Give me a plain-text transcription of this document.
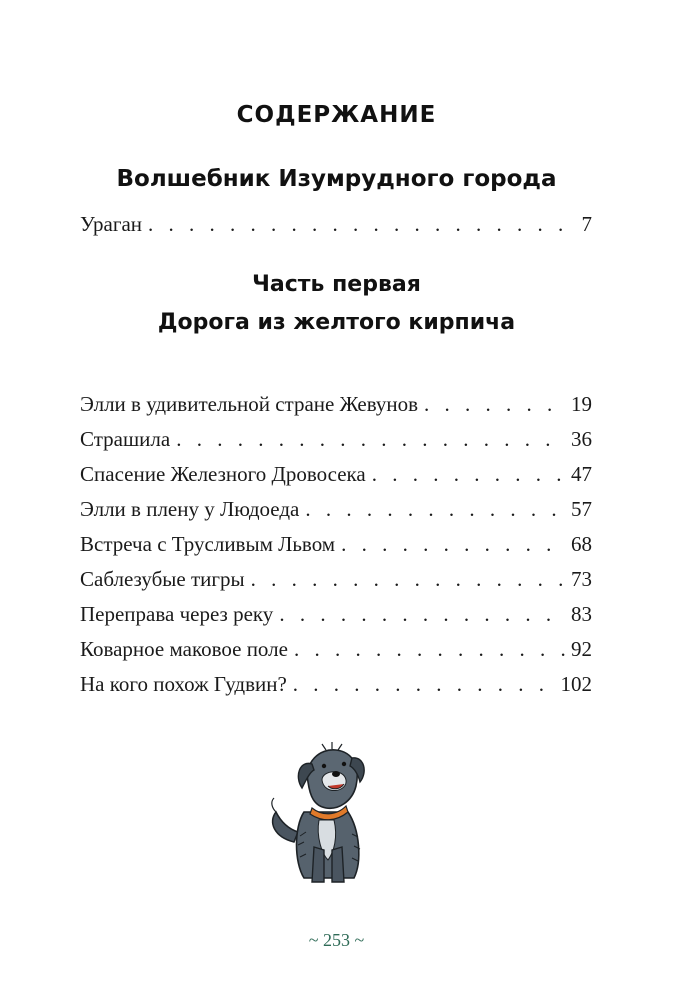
СОДЕРЖАНИЕ
Волшебник Изумрудного города
Ураган . . .	7
Часть первая
Дорога из желтого кирпича
Элли в удивительной стране Жевунов . . .	19
Страшила . . .	36
Спасение Железного Дровосека . . .	47
Элли в плену у Людоеда . . .	57
Встреча с Трусливым Львом . . .	68
Саблезубые тигры . . .	73
Переправа через реку . . .	83
Коварное маковое поле . . .	92
На кого похож Гудвин? . . .	102
~ 253 ~
